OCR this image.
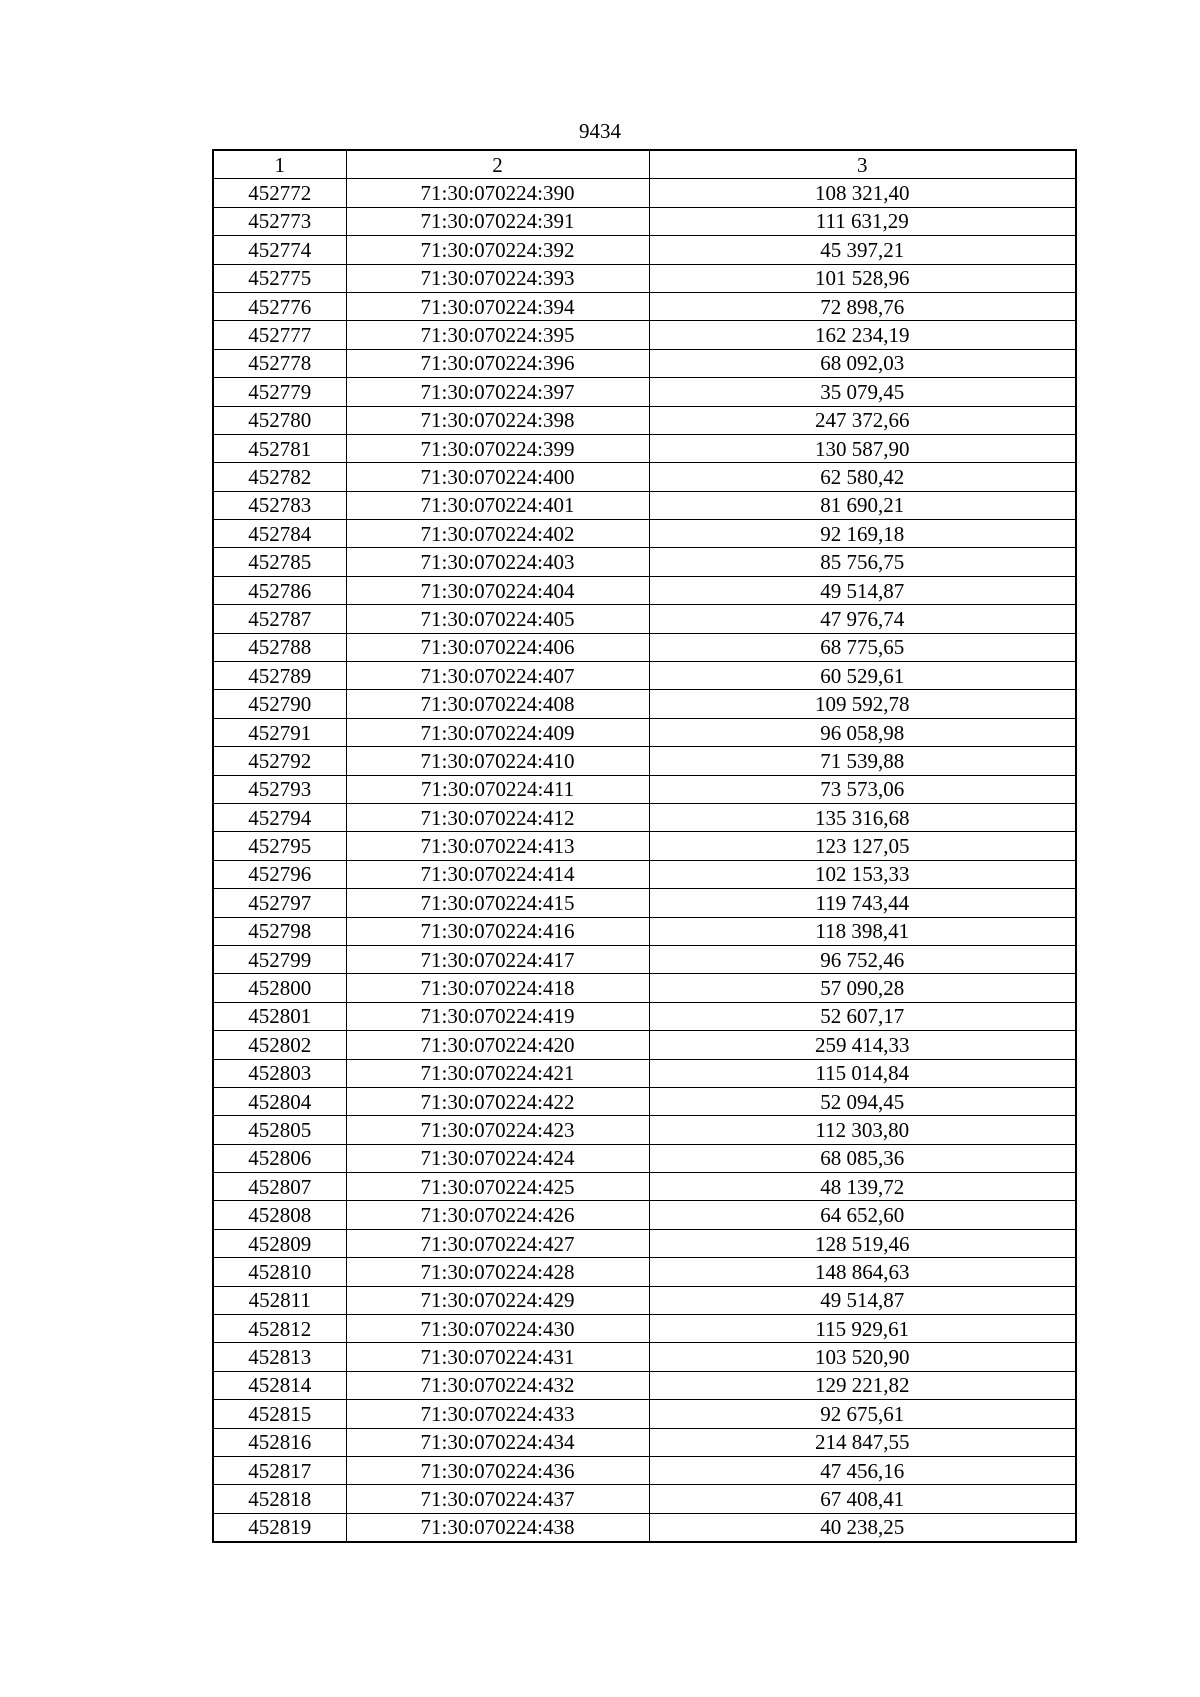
9434
1	2	3
452772	71:30:070224:390	108 321,40
452773	71:30:070224:391	111 631,29
452774	71:30:070224:392	45 397,21
452775	71:30:070224:393	101 528,96
452776	71:30:070224:394	72 898,76
452777	71:30:070224:395	162 234,19
452778	71:30:070224:396	68 092,03
452779	71:30:070224:397	35 079,45
452780	71:30:070224:398	247 372,66
452781	71:30:070224:399	130 587,90
452782	71:30:070224:400	62 580,42
452783	71:30:070224:401	81 690,21
452784	71:30:070224:402	92 169,18
452785	71:30:070224:403	85 756,75
452786	71:30:070224:404	49 514,87
452787	71:30:070224:405	47 976,74
452788	71:30:070224:406	68 775,65
452789	71:30:070224:407	60 529,61
452790	71:30:070224:408	109 592,78
452791	71:30:070224:409	96 058,98
452792	71:30:070224:410	71 539,88
452793	71:30:070224:411	73 573,06
452794	71:30:070224:412	135 316,68
452795	71:30:070224:413	123 127,05
452796	71:30:070224:414	102 153,33
452797	71:30:070224:415	119 743,44
452798	71:30:070224:416	118 398,41
452799	71:30:070224:417	96 752,46
452800	71:30:070224:418	57 090,28
452801	71:30:070224:419	52 607,17
452802	71:30:070224:420	259 414,33
452803	71:30:070224:421	115 014,84
452804	71:30:070224:422	52 094,45
452805	71:30:070224:423	112 303,80
452806	71:30:070224:424	68 085,36
452807	71:30:070224:425	48 139,72
452808	71:30:070224:426	64 652,60
452809	71:30:070224:427	128 519,46
452810	71:30:070224:428	148 864,63
452811	71:30:070224:429	49 514,87
452812	71:30:070224:430	115 929,61
452813	71:30:070224:431	103 520,90
452814	71:30:070224:432	129 221,82
452815	71:30:070224:433	92 675,61
452816	71:30:070224:434	214 847,55
452817	71:30:070224:436	47 456,16
452818	71:30:070224:437	67 408,41
452819	71:30:070224:438	40 238,25
